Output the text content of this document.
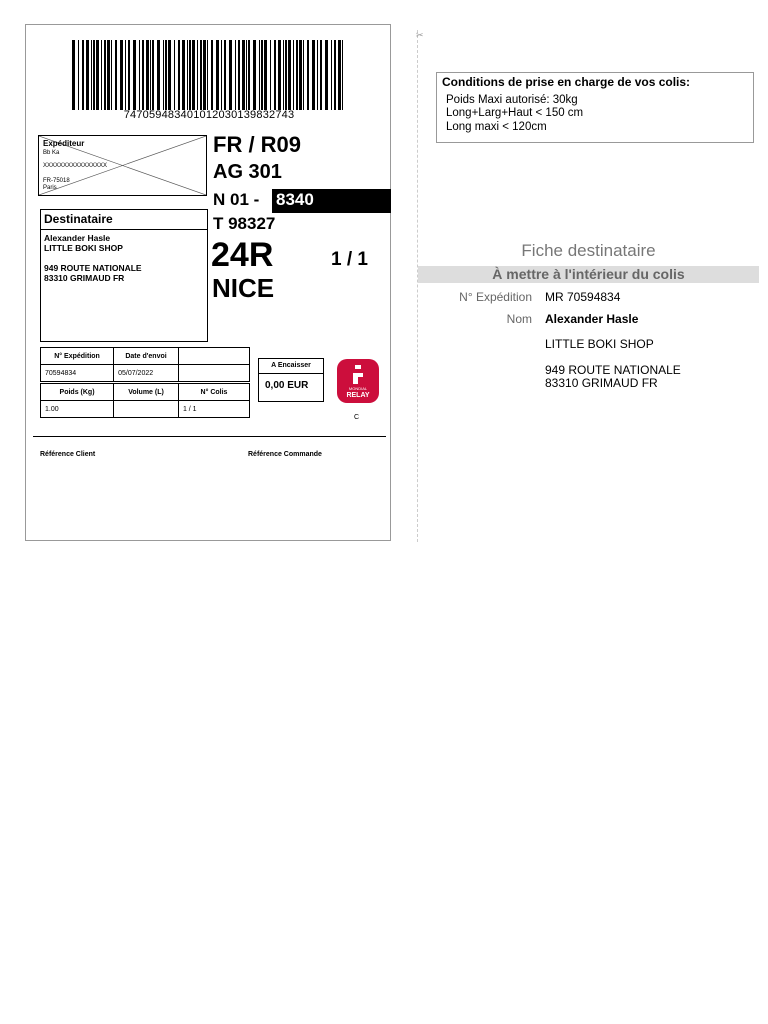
747059483401012030139832743
Expéditeur
Bb Ka
XXXXXXXXXXXXXXXX
FR-75018
Paris
Destinataire
Alexander Hasle
LITTLE BOKI SHOP
949 ROUTE NATIONALE
83310 GRIMAUD FR
FR / R09
AG 301
N 01 - 8340
T 98327
24R	1 / 1
NICE
N° Expédition	Date d'envoi	
70594834	05/07/2022	
Poids (Kg)	Volume (L)	N° Colis
1.00		1 / 1
A Encaisser
0,00 EUR	MONDIAL
RELAY
C
Référence Client	Référence Commande
✂
Conditions de prise en charge de vos colis:
Poids Maxi autorisé: 30kg
Long+Larg+Haut < 150 cm
Long maxi < 120cm
Fiche destinataire
À mettre à l'intérieur du colis
N° Expédition MR 70594834
Nom Alexander Hasle
LITTLE BOKI SHOP
949 ROUTE NATIONALE
83310 GRIMAUD FR
